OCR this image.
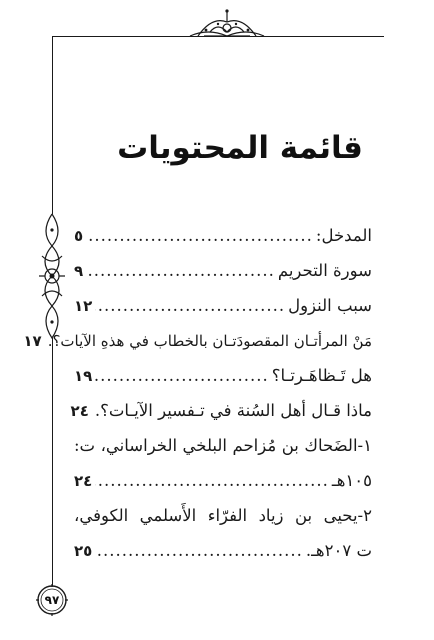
٩٧
قائمة المحتويات
المدخل:
.....
٥
سورة التحريم
.....
٩
سبب النزول
.....
١٢
مَنْ المرأتـان المقصودَتـان بالخطاب في هذهِ الآيات؟.
١٧
هل تَـظاهَـرتـا؟
.....
١٩
ماذا قـال أهل السُنة في تـفسير الآيـات؟.
٢٤
١-الضَحاك بن مُزاحم البلخي الخراساني، ت:
١٠٥هـ
.....
٢٤
٢-يحيى بن زياد الفرّاء الأَسلمي الكوفي،
ت ٢٠٧هـ.
.....
٢٥
